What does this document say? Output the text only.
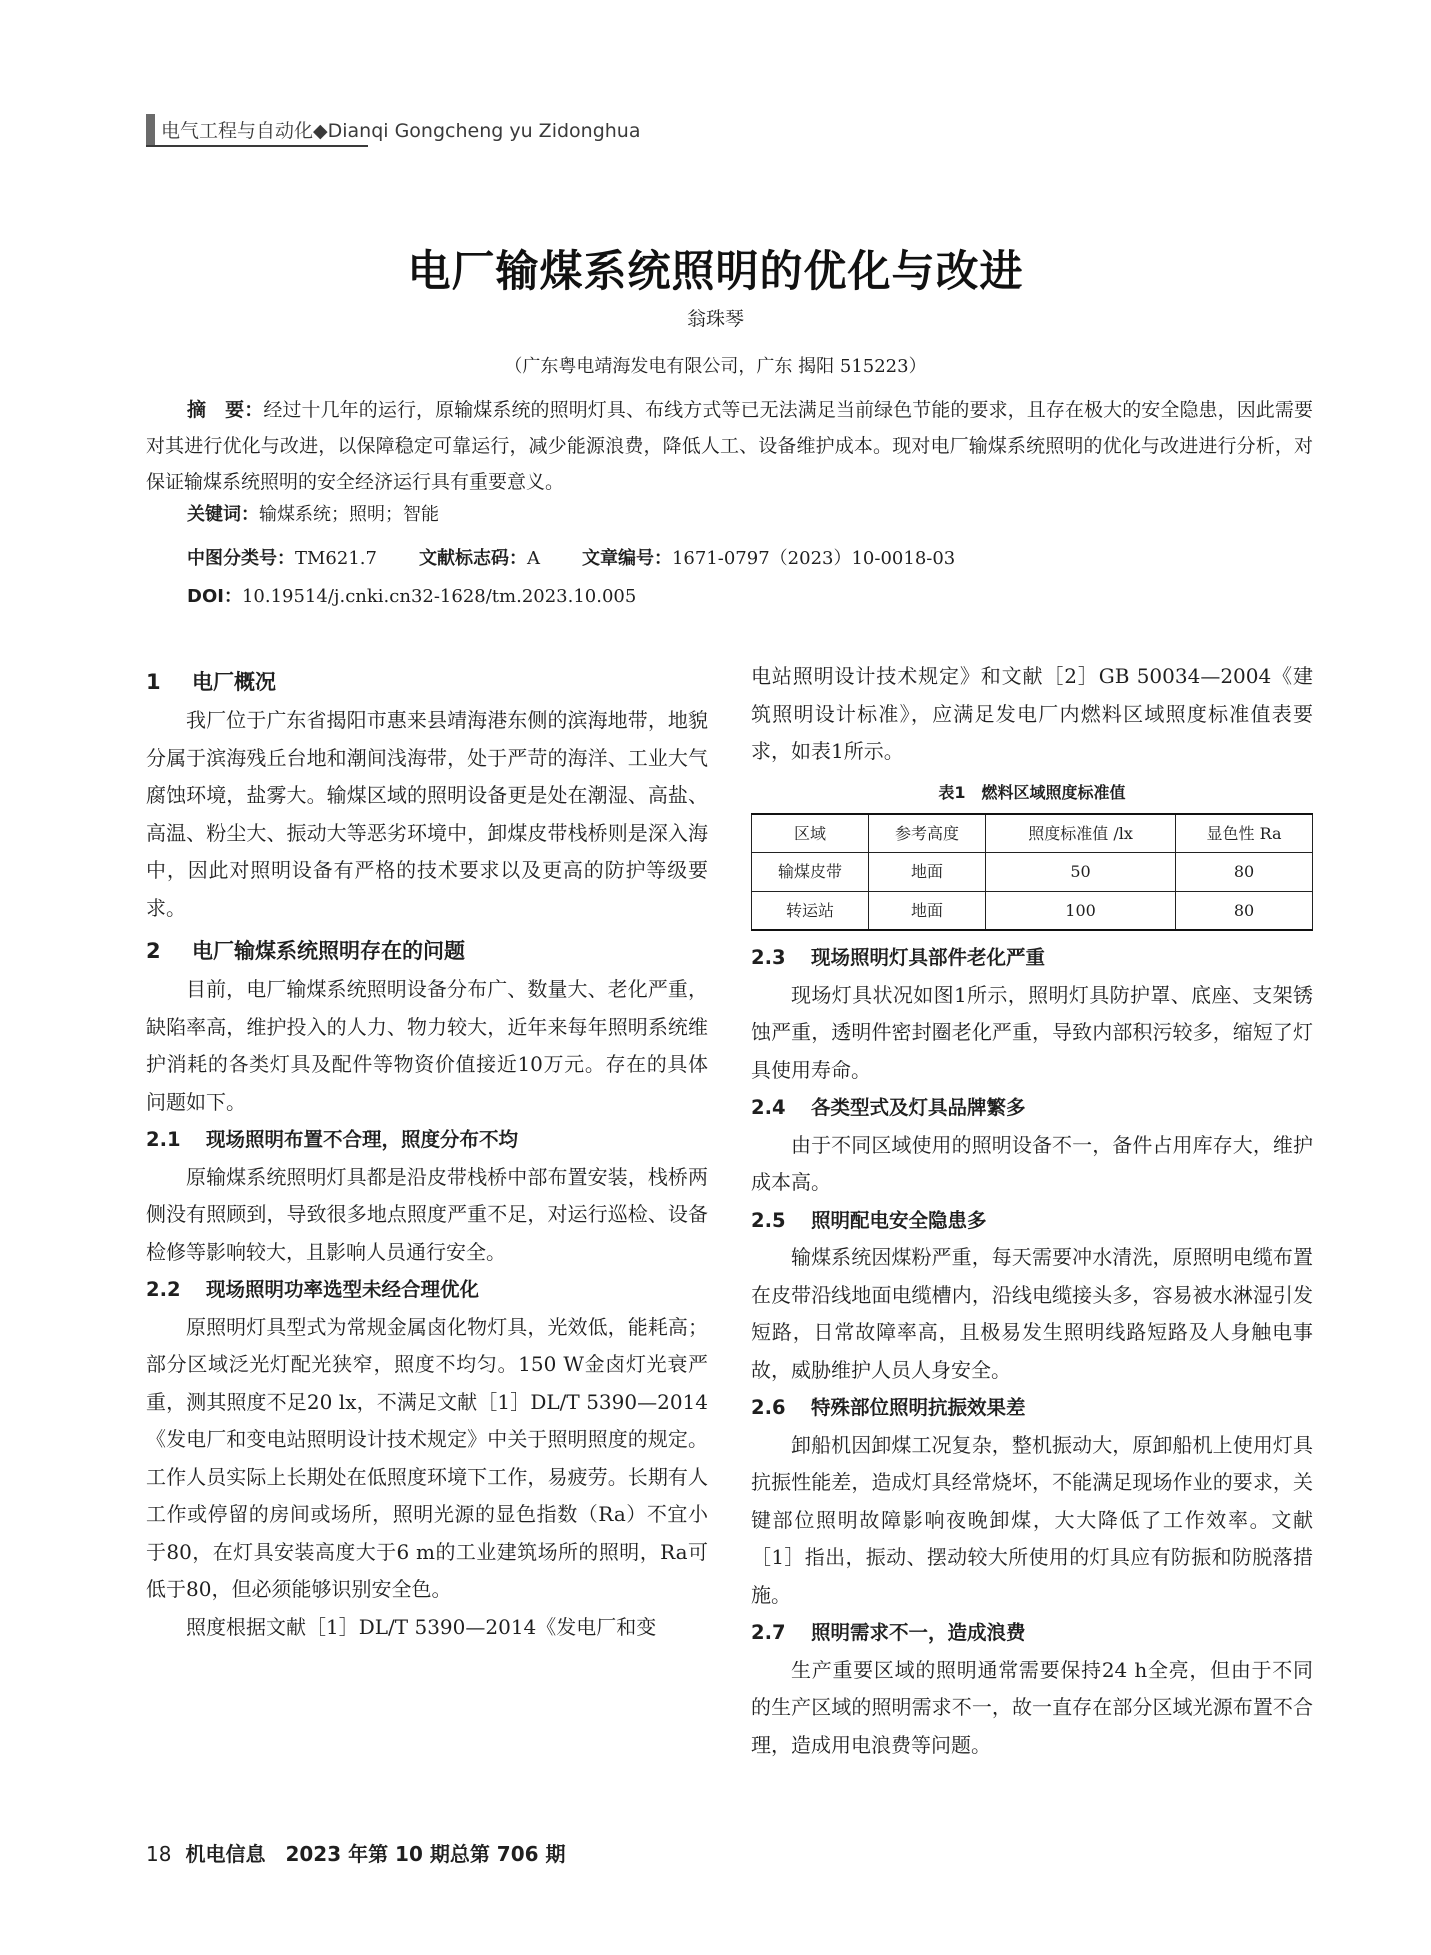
电气工程与自动化◆Dianqi Gongcheng yu Zidonghua
电厂输煤系统照明的优化与改进
翁珠琴
（广东粤电靖海发电有限公司，广东 揭阳 515223）

摘　要：经过十几年的运行，原输煤系统的照明灯具、布线方式等已无法满足当前绿色节能的要求，且存在极大的安全隐患，因此需要对其进行优化与改进，以保障稳定可靠运行，减少能源浪费，降低人工、设备维护成本。现对电厂输煤系统照明的优化与改进进行分析，对保证输煤系统照明的安全经济运行具有重要意义。

关键词：输煤系统；照明；智能
中图分类号：TM621.7 文献标志码：A 文章编号：1671-0797（2023）10-0018-03
DOI：10.19514/j.cnki.cn32-1628/tm.2023.10.005
1 电厂概况

我厂位于广东省揭阳市惠来县靖海港东侧的滨海地带，地貌分属于滨海残丘台地和潮间浅海带，处于严苛的海洋、工业大气腐蚀环境，盐雾大。输煤区域的照明设备更是处在潮湿、高盐、高温、粉尘大、振动大等恶劣环境中，卸煤皮带栈桥则是深入海中，因此对照明设备有严格的技术要求以及更高的防护等级要求。

2 电厂输煤系统照明存在的问题

目前，电厂输煤系统照明设备分布广、数量大、老化严重，缺陷率高，维护投入的人力、物力较大，近年来每年照明系统维护消耗的各类灯具及配件等物资价值接近10万元。存在的具体问题如下。

2.1 现场照明布置不合理，照度分布不均

原输煤系统照明灯具都是沿皮带栈桥中部布置安装，栈桥两侧没有照顾到，导致很多地点照度严重不足，对运行巡检、设备检修等影响较大，且影响人员通行安全。

2.2 现场照明功率选型未经合理优化

原照明灯具型式为常规金属卤化物灯具，光效低，能耗高；部分区域泛光灯配光狭窄，照度不均匀。150 W金卤灯光衰严重，测其照度不足20 lx，不满足文献［1］DL/T 5390—2014《发电厂和变电站照明设计技术规定》中关于照明照度的规定。工作人员实际上长期处在低照度环境下工作，易疲劳。长期有人工作或停留的房间或场所，照明光源的显色指数（Ra）不宜小于80，在灯具安装高度大于6 m的工业建筑场所的照明，Ra可低于80，但必须能够识别安全色。

照度根据文献［1］DL/T 5390—2014《发电厂和变

电站照明设计技术规定》和文献［2］GB 50034—2004《建筑照明设计标准》，应满足发电厂内燃料区域照度标准值表要求，如表1所示。

表1　燃料区域照度标准值
区域	参考高度	照度标准值 /lx	显色性 Ra
输煤皮带	地面	50	80
转运站	地面	100	80
2.3 现场照明灯具部件老化严重

现场灯具状况如图1所示，照明灯具防护罩、底座、支架锈蚀严重，透明件密封圈老化严重，导致内部积污较多，缩短了灯具使用寿命。

2.4 各类型式及灯具品牌繁多

由于不同区域使用的照明设备不一，备件占用库存大，维护成本高。

2.5 照明配电安全隐患多

输煤系统因煤粉严重，每天需要冲水清洗，原照明电缆布置在皮带沿线地面电缆槽内，沿线电缆接头多，容易被水淋湿引发短路，日常故障率高，且极易发生照明线路短路及人身触电事故，威胁维护人员人身安全。

2.6 特殊部位照明抗振效果差

卸船机因卸煤工况复杂，整机振动大，原卸船机上使用灯具抗振性能差，造成灯具经常烧坏，不能满足现场作业的要求，关键部位照明故障影响夜晚卸煤，大大降低了工作效率。文献［1］指出，振动、摆动较大所使用的灯具应有防振和防脱落措施。

2.7 照明需求不一，造成浪费

生产重要区域的照明通常需要保持24 h全亮，但由于不同的生产区域的照明需求不一，故一直存在部分区域光源布置不合理，造成用电浪费等问题。

18 机电信息　2023 年第 10 期总第 706 期
